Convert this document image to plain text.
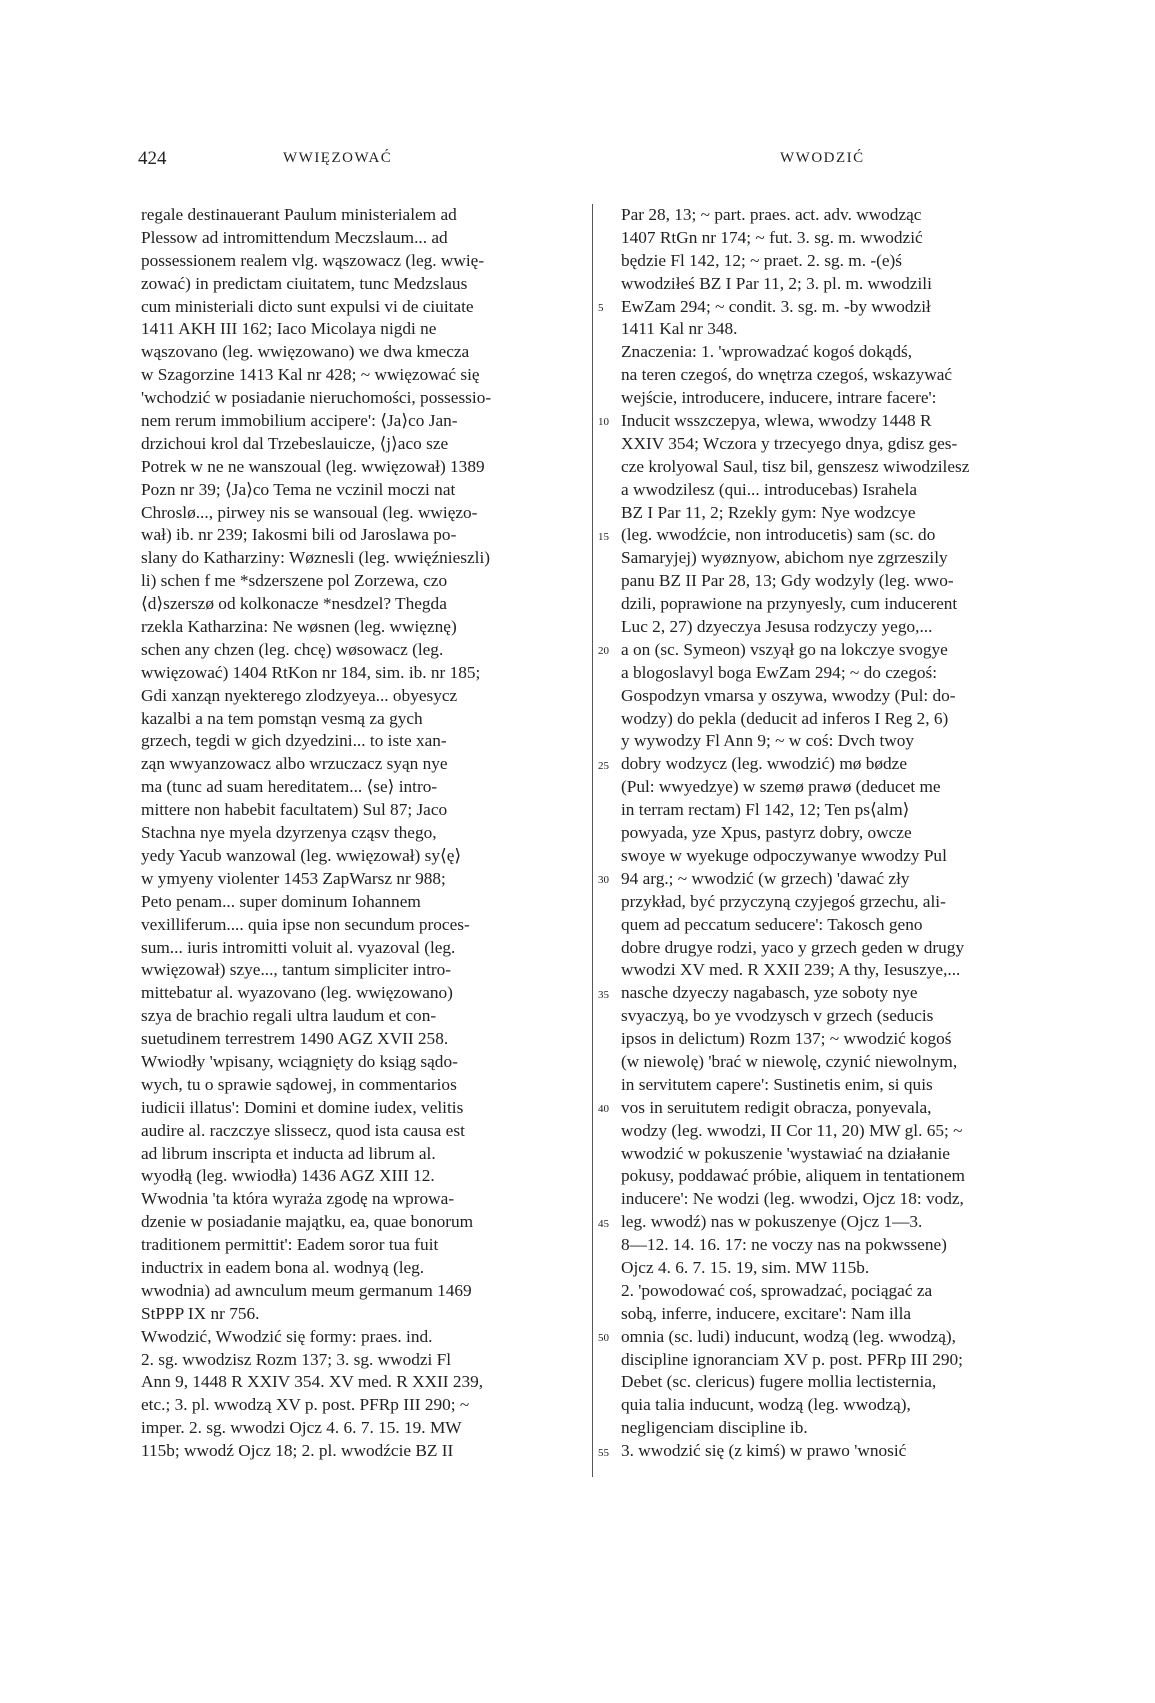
424	WWIĘZOWAĆ	WWODZIĆ
regale destinauerant Paulum ministerialem ad
Plessow ad intromittendum Meczslaum... ad
possessionem realem vlg. wąszowacz (leg. wwię-
zować) in predictam ciuitatem, tunc Medzslaus
cum ministeriali dicto sunt expulsi vi de ciuitate
1411 AKH III 162; Iaco Micolaya nigdi ne
wąszovano (leg. wwięzowano) we dwa kmecza
w Szagorzine 1413 Kal nr 428; ~ wwięzować się
'wchodzić w posiadanie nieruchomości, possessio-
nem rerum immobilium accipere': ⟨Ja⟩co Jan-
drzichoui krol dal Trzebeslauicze, ⟨j⟩aco sze
Potrek w ne ne wanszoual (leg. wwięzował) 1389
Pozn nr 39; ⟨Ja⟩co Tema ne vczinil moczi nat
Chroslø..., pirwey nis se wansoual (leg. wwięzo-
wał) ib. nr 239; Iakosmi bili od Jaroslawa po-
slany do Katharziny: Wøznesli (leg. wwięźnieszli)
li) schen f me *sdzerszene pol Zorzewa, czo
⟨d⟩szerszø od kolkonacze *nesdzel? Thegda
rzekla Katharzina: Ne wøsnen (leg. wwięznę)
schen any chzen (leg. chcę) wøsowacz (leg.
wwięzować) 1404 RtKon nr 184, sim. ib. nr 185;
Gdi xanząn nyekterego zlodzyeya... obyesycz
kazalbi a na tem pomstąn vesmą za gych
grzech, tegdi w gich dzyedzini... to iste xan-
ząn wwyanzowacz albo wrzuczacz syąn nye
ma (tunc ad suam hereditatem... ⟨se⟩ intro-
mittere non habebit facultatem) Sul 87; Jaco
Stachna nye myela dzyrzenya cząsv thego,
yedy Yacub wanzowal (leg. wwięzował) sy⟨ę⟩
w ymyeny violenter 1453 ZapWarsz nr 988;
Peto penam... super dominum Iohannem
vexilliferum.... quia ipse non secundum proces-
sum... iuris intromitti voluit al. vyazoval (leg.
wwięzował) szye..., tantum simpliciter intro-
mittebatur al. wyazovano (leg. wwięzowano)
szya de brachio regali ultra laudum et con-
suetudinem terrestrem 1490 AGZ XVII 258.
Wwiodły 'wpisany, wciągnięty do ksiąg sądo-
wych, tu o sprawie sądowej, in commentarios
iudicii illatus': Domini et domine iudex, velitis
audire al. raczczye slissecz, quod ista causa est
ad librum inscripta et inducta ad librum al.
wyodłą (leg. wwiodła) 1436 AGZ XIII 12.
Wwodnia 'ta która wyraża zgodę na wprowa-
dzenie w posiadanie majątku, ea, quae bonorum
traditionem permittit': Eadem soror tua fuit
inductrix in eadem bona al. wodnyą (leg.
wwodnia) ad awnculum meum germanum 1469
StPPP IX nr 756.
Wwodzić, Wwodzić się formy: praes. ind.
2. sg. wwodzisz Rozm 137; 3. sg. wwodzi Fl
Ann 9, 1448 R XXIV 354. XV med. R XXII 239,
etc.; 3. pl. wwodzą XV p. post. PFRp III 290; ~
imper. 2. sg. wwodzi Ojcz 4. 6. 7. 15. 19. MW
115b; wwodź Ojcz 18; 2. pl. wwodźcie BZ II
5
10
15
20
25
30
35
40
45
50
55
Par 28, 13; ~ part. praes. act. adv. wwodząc
1407 RtGn nr 174; ~ fut. 3. sg. m. wwodzić
będzie Fl 142, 12; ~ praet. 2. sg. m. -(e)ś
wwodziłeś BZ I Par 11, 2; 3. pl. m. wwodzili
EwZam 294; ~ condit. 3. sg. m. -by wwodził
1411 Kal nr 348.
Znaczenia: 1. 'wprowadzać kogoś dokądś,
na teren czegoś, do wnętrza czegoś, wskazywać
wejście, introducere, inducere, intrare facere':
Inducit wsszczepya, wlewa, wwodzy 1448 R
XXIV 354; Wczora y trzecyego dnya, gdisz ges-
cze krolyowal Saul, tisz bil, genszesz wiwodzilesz
a wwodzilesz (qui... introducebas) Israhela
BZ I Par 11, 2; Rzekly gym: Nye wodzcye
(leg. wwodźcie, non introducetis) sam (sc. do
Samaryjej) wyøznyow, abichom nye zgrzeszily
panu BZ II Par 28, 13; Gdy wodzyly (leg. wwo-
dzili, poprawione na przynyesly, cum inducerent
Luc 2, 27) dzyeczya Jesusa rodzyczy yego,...
a on (sc. Symeon) vszyął go na lokczye svogye
a blogoslavyl boga EwZam 294; ~ do czegoś:
Gospodzyn vmarsa y oszywa, wwodzy (Pul: do-
wodzy) do pekla (deducit ad inferos I Reg 2, 6)
y wywodzy Fl Ann 9; ~ w coś: Dvch twoy
dobry wodzycz (leg. wwodzić) mø bødze
(Pul: wwyedzye) w szemø prawø (deducet me
in terram rectam) Fl 142, 12; Ten ps⟨alm⟩
powyada, yze Xpus, pastyrz dobry, owcze
swoye w wyekuge odpoczywanye wwodzy Pul
94 arg.; ~ wwodzić (w grzech) 'dawać zły
przykład, być przyczyną czyjegoś grzechu, ali-
quem ad peccatum seducere': Takosch geno
dobre drugye rodzi, yaco y grzech geden w drugy
wwodzi XV med. R XXII 239; A thy, Iesuszye,...
nasche dzyeczy nagabasch, yze soboty nye
svyaczyą, bo ye vvodzysch v grzech (seducis
ipsos in delictum) Rozm 137; ~ wwodzić kogoś
(w niewolę) 'brać w niewolę, czynić niewolnym,
in servitutem capere': Sustinetis enim, si quis
vos in seruitutem redigit obracza, ponyevala,
wodzy (leg. wwodzi, II Cor 11, 20) MW gl. 65; ~
wwodzić w pokuszenie 'wystawiać na działanie
pokusy, poddawać próbie, aliquem in tentationem
inducere': Ne wodzi (leg. wwodzi, Ojcz 18: vodz,
leg. wwodź) nas w pokuszenye (Ojcz 1—3.
8—12. 14. 16. 17: ne voczy nas na pokwssene)
Ojcz 4. 6. 7. 15. 19, sim. MW 115b.
2. 'powodować coś, sprowadzać, pociągać za
sobą, inferre, inducere, excitare': Nam illa
omnia (sc. ludi) inducunt, wodzą (leg. wwodzą),
discipline ignoranciam XV p. post. PFRp III 290;
Debet (sc. clericus) fugere mollia lectisternia,
quia talia inducunt, wodzą (leg. wwodzą),
negligenciam discipline ib.
3. wwodzić się (z kimś) w prawo 'wnosić
